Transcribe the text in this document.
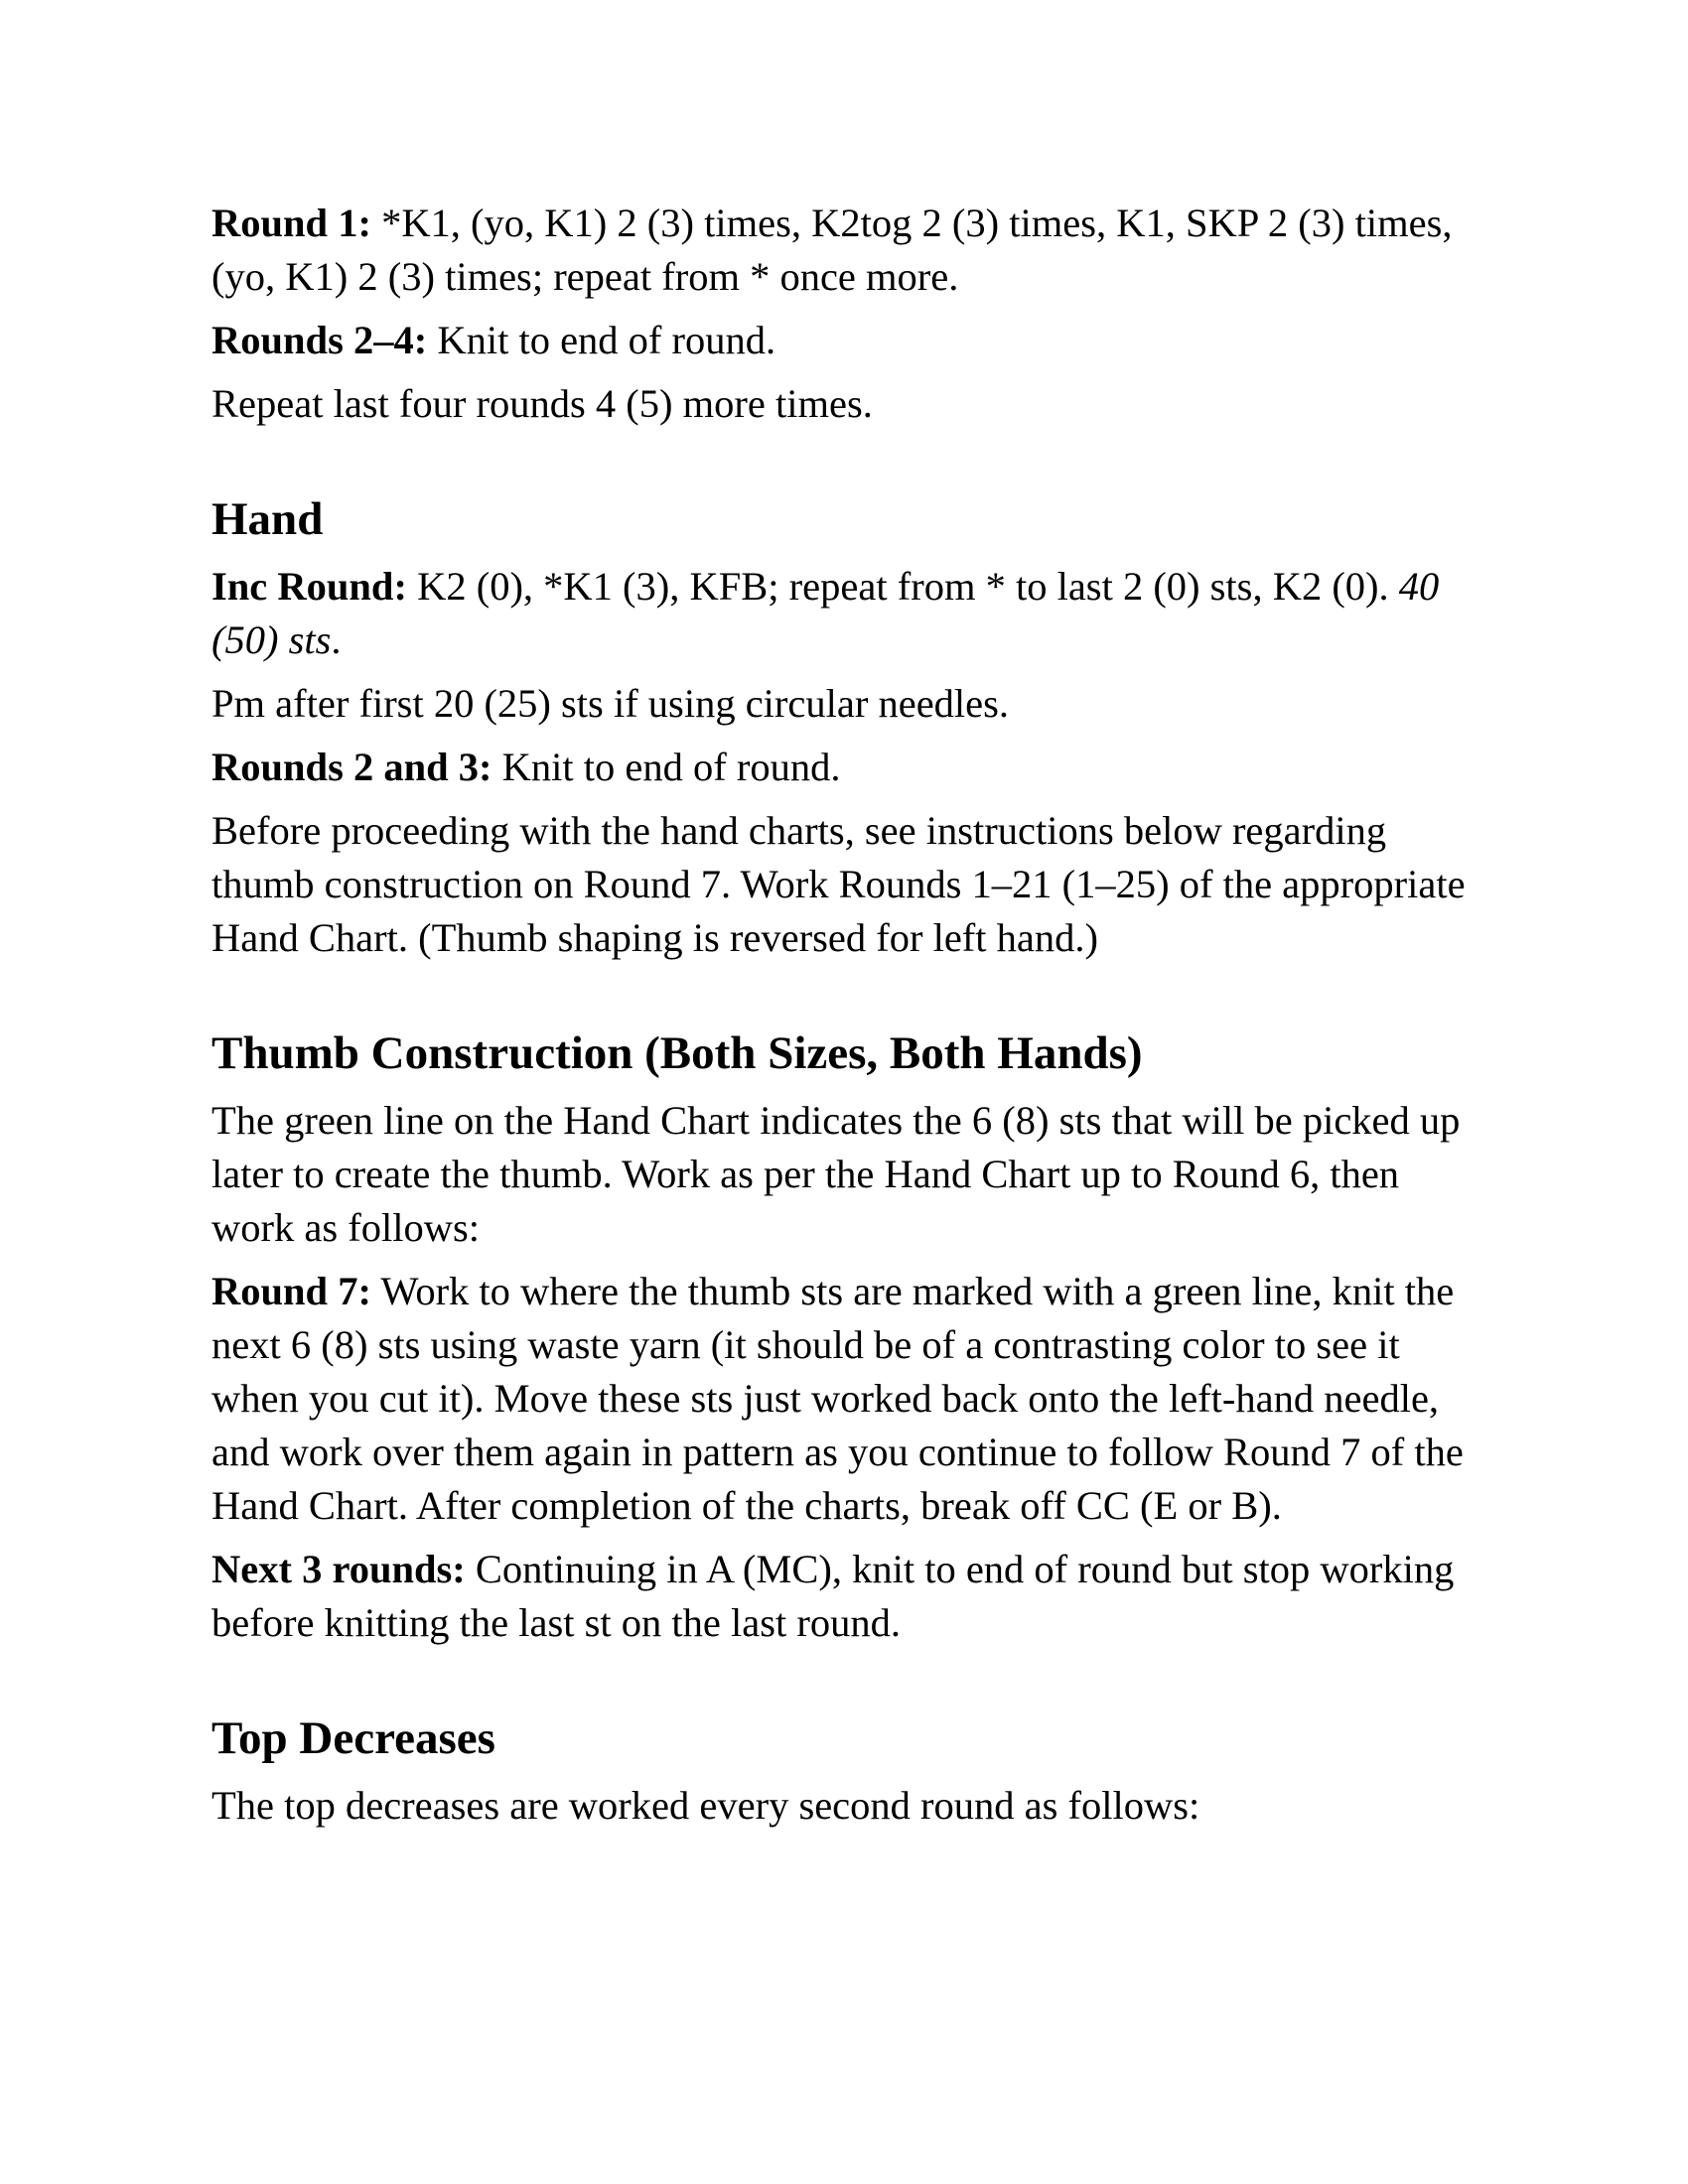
Round 1: *K1, (yo, K1) 2 (3) times, K2tog 2 (3) times, K1, SKP 2 (3) times, (yo, K1) 2 (3) times; repeat from * once more.

Rounds 2–4: Knit to end of round.

Repeat last four rounds 4 (5) more times.

Hand

Inc Round: K2 (0), *K1 (3), KFB; repeat from * to last 2 (0) sts, K2 (0). 40 (50) sts.

Pm after first 20 (25) sts if using circular needles.

Rounds 2 and 3: Knit to end of round.

Before proceeding with the hand charts, see instructions below regarding thumb construction on Round 7. Work Rounds 1–21 (1–25) of the appropriate Hand Chart. (Thumb shaping is reversed for left hand.)

Thumb Construction (Both Sizes, Both Hands)

The green line on the Hand Chart indicates the 6 (8) sts that will be picked up later to create the thumb. Work as per the Hand Chart up to Round 6, then work as follows:

Round 7: Work to where the thumb sts are marked with a green line, knit the next 6 (8) sts using waste yarn (it should be of a contrasting color to see it when you cut it). Move these sts just worked back onto the left-hand needle, and work over them again in pattern as you continue to follow Round 7 of the Hand Chart. After completion of the charts, break off CC (E or B).

Next 3 rounds: Continuing in A (MC), knit to end of round but stop working before knitting the last st on the last round.

Top Decreases

The top decreases are worked every second round as follows:
